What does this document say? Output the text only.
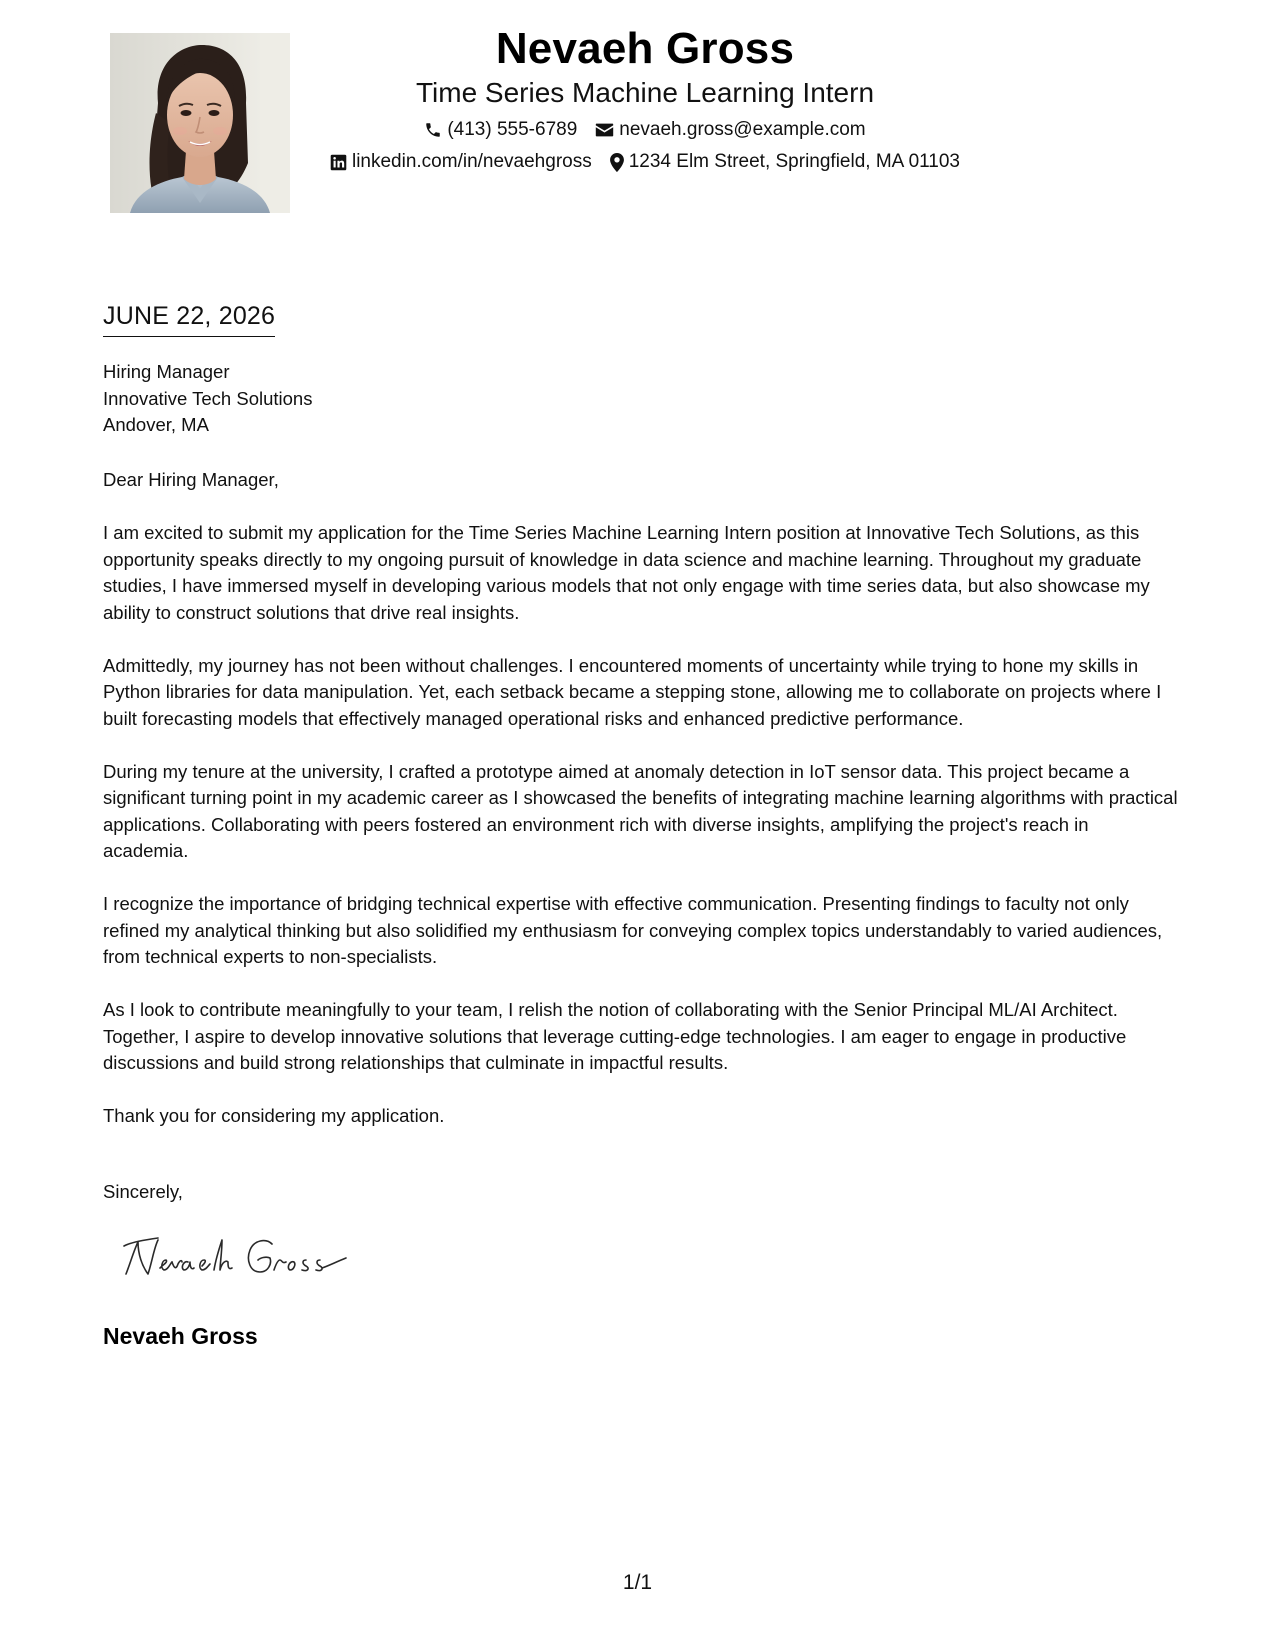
Nevaeh Gross
Time Series Machine Learning Intern
(413) 555-6789 nevaeh.gross@example.com
linkedin.com/in/nevaehgross 1234 Elm Street, Springfield, MA 01103
JUNE 22, 2026
Hiring Manager
Innovative Tech Solutions
Andover, MA

Dear Hiring Manager,

I am excited to submit my application for the Time Series Machine Learning Intern position at Innovative Tech Solutions, as this opportunity speaks directly to my ongoing pursuit of knowledge in data science and machine learning. Throughout my graduate studies, I have immersed myself in developing various models that not only engage with time series data, but also showcase my ability to construct solutions that drive real insights.

Admittedly, my journey has not been without challenges. I encountered moments of uncertainty while trying to hone my skills in Python libraries for data manipulation. Yet, each setback became a stepping stone, allowing me to collaborate on projects where I built forecasting models that effectively managed operational risks and enhanced predictive performance.

During my tenure at the university, I crafted a prototype aimed at anomaly detection in IoT sensor data. This project became a significant turning point in my academic career as I showcased the benefits of integrating machine learning algorithms with practical applications. Collaborating with peers fostered an environment rich with diverse insights, amplifying the project's reach in academia.

I recognize the importance of bridging technical expertise with effective communication. Presenting findings to faculty not only refined my analytical thinking but also solidified my enthusiasm for conveying complex topics understandably to varied audiences, from technical experts to non-specialists.

As I look to contribute meaningfully to your team, I relish the notion of collaborating with the Senior Principal ML/AI Architect. Together, I aspire to develop innovative solutions that leverage cutting-edge technologies. I am eager to engage in productive discussions and build strong relationships that culminate in impactful results.

Thank you for considering my application.

Sincerely,
Nevaeh Gross
1/1
